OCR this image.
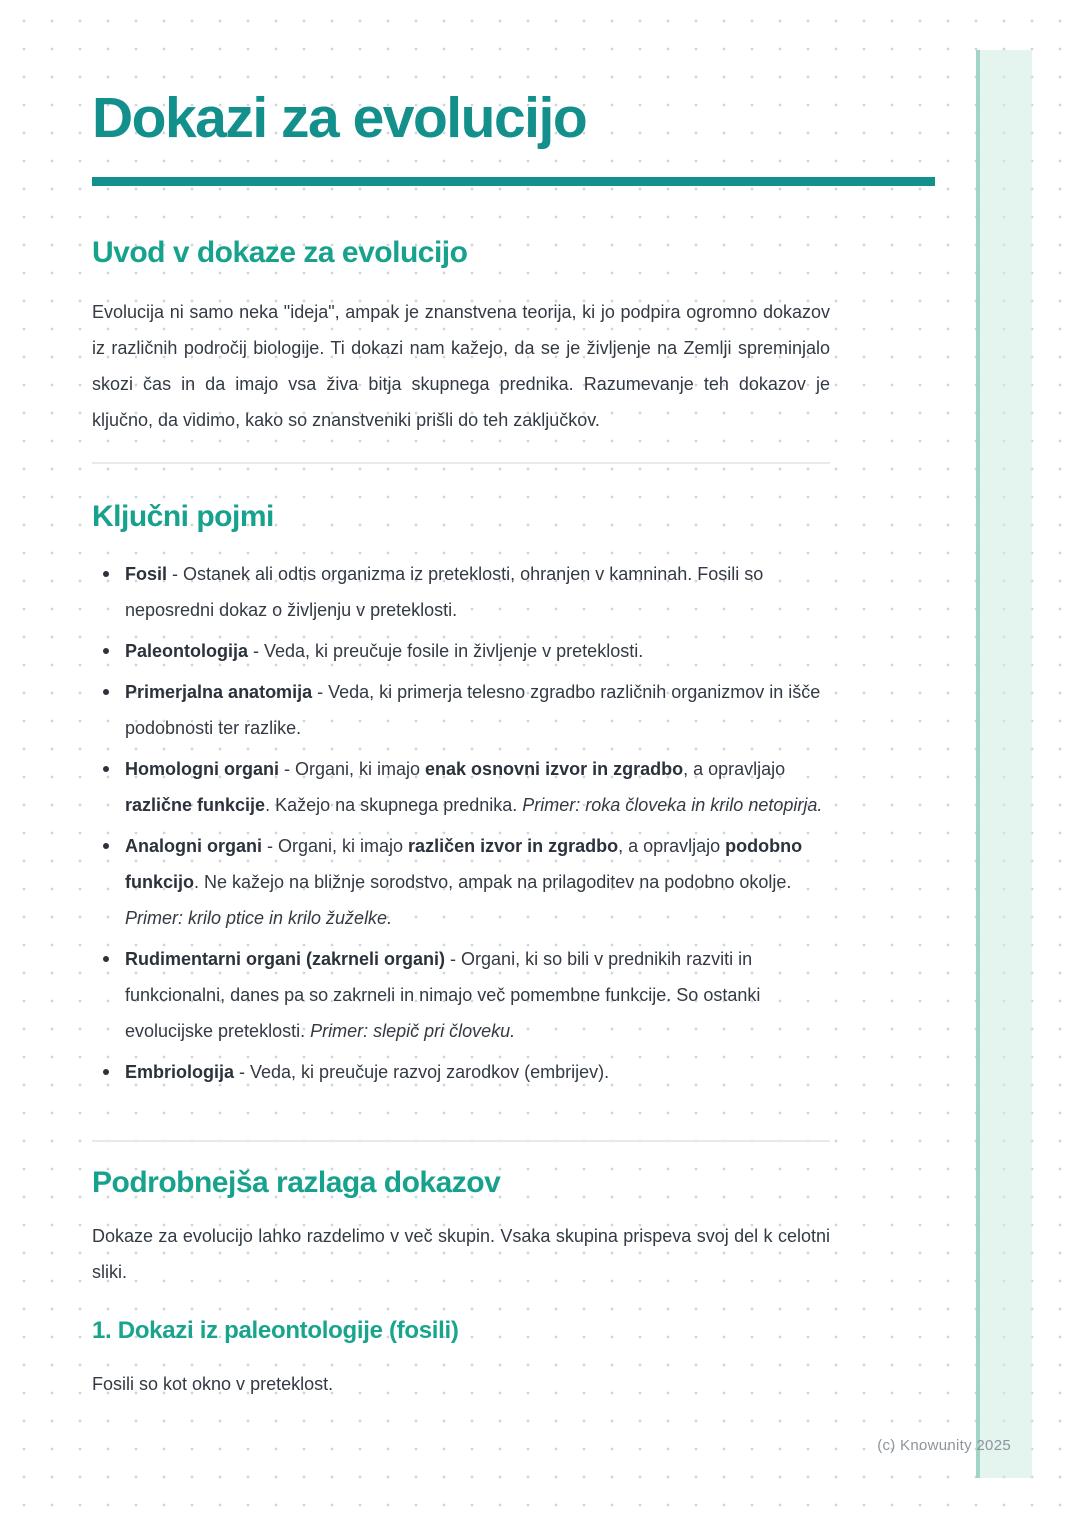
(c) Knowunity 2025
Dokazi za evolucijo
Uvod v dokaze za evolucijo

Evolucija ni samo neka "ideja", ampak je znanstvena teorija, ki jo podpira ogromno dokazov iz različnih področij biologije. Ti dokazi nam kažejo, da se je življenje na Zemlji spreminjalo skozi čas in da imajo vsa živa bitja skupnega prednika. Razumevanje teh dokazov je ključno, da vidimo, kako so znanstveniki prišli do teh zaključkov.

Ključni pojmi
Fosil - Ostanek ali odtis organizma iz preteklosti, ohranjen v kamninah. Fosili so neposredni dokaz o življenju v preteklosti.
Paleontologija - Veda, ki preučuje fosile in življenje v preteklosti.
Primerjalna anatomija - Veda, ki primerja telesno zgradbo različnih organizmov in išče podobnosti ter razlike.
Homologni organi - Organi, ki imajo enak osnovni izvor in zgradbo, a opravljajo različne funkcije. Kažejo na skupnega prednika. Primer: roka človeka in krilo netopirja.
Analogni organi - Organi, ki imajo različen izvor in zgradbo, a opravljajo podobno funkcijo. Ne kažejo na bližnje sorodstvo, ampak na prilagoditev na podobno okolje. Primer: krilo ptice in krilo žuželke.
Rudimentarni organi (zakrneli organi) - Organi, ki so bili v prednikih razviti in funkcionalni, danes pa so zakrneli in nimajo več pomembne funkcije. So ostanki evolucijske preteklosti. Primer: slepič pri človeku.
Embriologija - Veda, ki preučuje razvoj zarodkov (embrijev).
Podrobnejša razlaga dokazov

Dokaze za evolucijo lahko razdelimo v več skupin. Vsaka skupina prispeva svoj del k celotni sliki.

1. Dokazi iz paleontologije (fosili)

Fosili so kot okno v preteklost.
